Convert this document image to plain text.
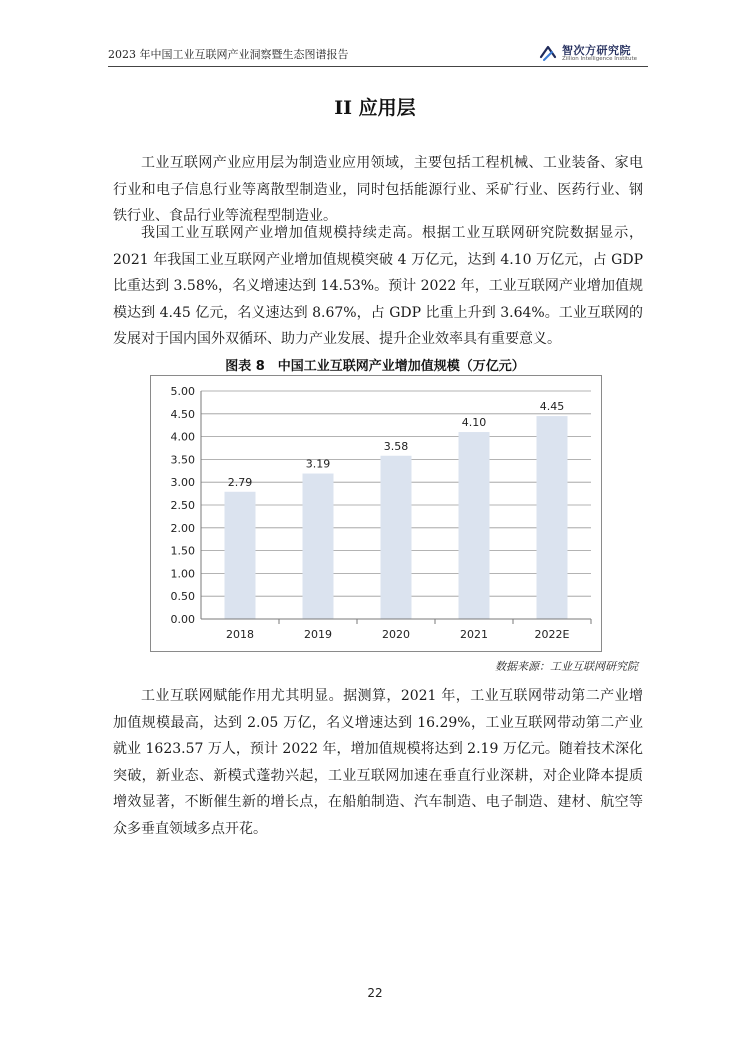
2023 年中国工业互联网产业洞察暨生态图谱报告	智次方研究院
Zillion Intelligence Institute
II 应用层

工业互联网产业应用层为制造业应用领域，主要包括工程机械、工业装备、家电行业和电子信息行业等离散型制造业，同时包括能源行业、采矿行业、医药行业、钢铁行业、食品行业等流程型制造业。

我国工业互联网产业增加值规模持续走高。根据工业互联网研究院数据显示，2021 年我国工业互联网产业增加值规模突破 4 万亿元，达到 4.10 万亿元，占 GDP 比重达到 3.58%，名义增速达到 14.53%。预计 2022 年，工业互联网产业增加值规模达到 4.45 亿元，名义速达到 8.67%，占 GDP 比重上升到 3.64%。工业互联网的发展对于国内国外双循环、助力产业发展、提升企业效率具有重要意义。

图表 8　中国工业互联网产业增加值规模（万亿元）
0.00
0.50
1.00
1.50
2.00
2.50
3.00
3.50
4.00
4.50
5.00
2.79
2018
3.19
2019
3.58
2020
4.10
2021
4.45
2022E
数据来源：工业互联网研究院

工业互联网赋能作用尤其明显。据测算，2021 年，工业互联网带动第二产业增加值规模最高，达到 2.05 万亿，名义增速达到 16.29%，工业互联网带动第二产业就业 1623.57 万人，预计 2022 年，增加值规模将达到 2.19 万亿元。随着技术深化突破，新业态、新模式蓬勃兴起，工业互联网加速在垂直行业深耕，对企业降本提质增效显著，不断催生新的增长点，在船舶制造、汽车制造、电子制造、建材、航空等众多垂直领域多点开花。

22
